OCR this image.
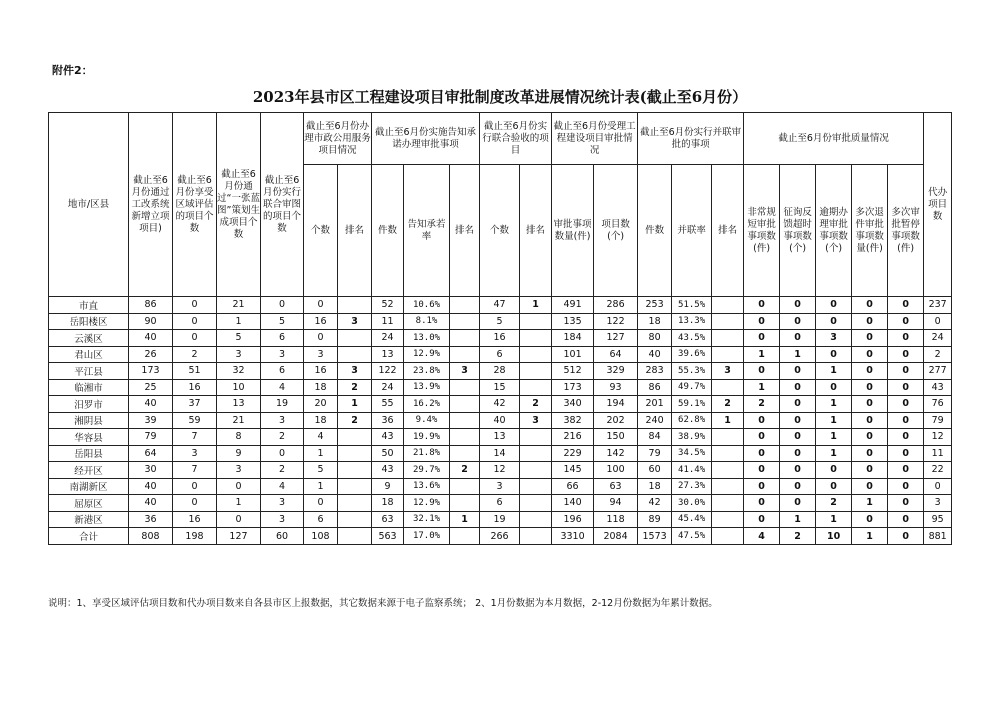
附件2：
2023年县市区工程建设项目审批制度改革进展情况统计表(截止至6月份）
地市/区县	截止至6月份通过工改系统新增立项项目)	截止至6月份享受区域评估的项目个数	截止至6月份通过“一张蓝图”策划生成项目个数	截止至6月份实行联合审图的项目个数	截止至6月份办理市政公用服务项目情况		截止至6月份实施告知承诺办理审批事项			截止至6月份实行联合验收的项目		截止至6月份受理工程建设项目审批情况		截止至6月份实行并联审批的事项			截止至6月份审批质量情况					代办项目数
					个数	排名	件数	告知承若率	排名	个数	排名	审批事项数量(件)	项目数(个)	件数	并联率	排名	非常规短审批事项数(件)	征询反馈超时事项数(个)	逾期办理审批事项数(个)	多次退件审批事项数量(件)	多次审批暂停事项数(件)	
市直	86	0	21	0	0		52	10.6%		47	1	491	286	253	51.5%		0	0	0	0	0	237
岳阳楼区	90	0	1	5	16	3	11	8.1%		5		135	122	18	13.3%		0	0	0	0	0	0
云溪区	40	0	5	6	0		24	13.0%		16		184	127	80	43.5%		0	0	3	0	0	24
君山区	26	2	3	3	3		13	12.9%		6		101	64	40	39.6%		1	1	0	0	0	2
平江县	173	51	32	6	16	3	122	23.8%	3	28		512	329	283	55.3%	3	0	0	1	0	0	277
临湘市	25	16	10	4	18	2	24	13.9%		15		173	93	86	49.7%		1	0	0	0	0	43
汨罗市	40	37	13	19	20	1	55	16.2%		42	2	340	194	201	59.1%	2	2	0	1	0	0	76
湘阴县	39	59	21	3	18	2	36	9.4%		40	3	382	202	240	62.8%	1	0	0	1	0	0	79
华容县	79	7	8	2	4		43	19.9%		13		216	150	84	38.9%		0	0	1	0	0	12
岳阳县	64	3	9	0	1		50	21.8%		14		229	142	79	34.5%		0	0	1	0	0	11
经开区	30	7	3	2	5		43	29.7%	2	12		145	100	60	41.4%		0	0	0	0	0	22
南湖新区	40	0	0	4	1		9	13.6%		3		66	63	18	27.3%		0	0	0	0	0	0
屈原区	40	0	1	3	0		18	12.9%		6		140	94	42	30.0%		0	0	2	1	0	3
新港区	36	16	0	3	6		63	32.1%	1	19		196	118	89	45.4%		0	1	1	0	0	95
合计	808	198	127	60	108		563	17.0%		266		3310	2084	1573	47.5%		4	2	10	1	0	881
说明：1、享受区域评估项目数和代办项目数来自各县市区上报数据，其它数据来源于电子监察系统； 2、1月份数据为本月数据，2-12月份数据为年累计数据。
